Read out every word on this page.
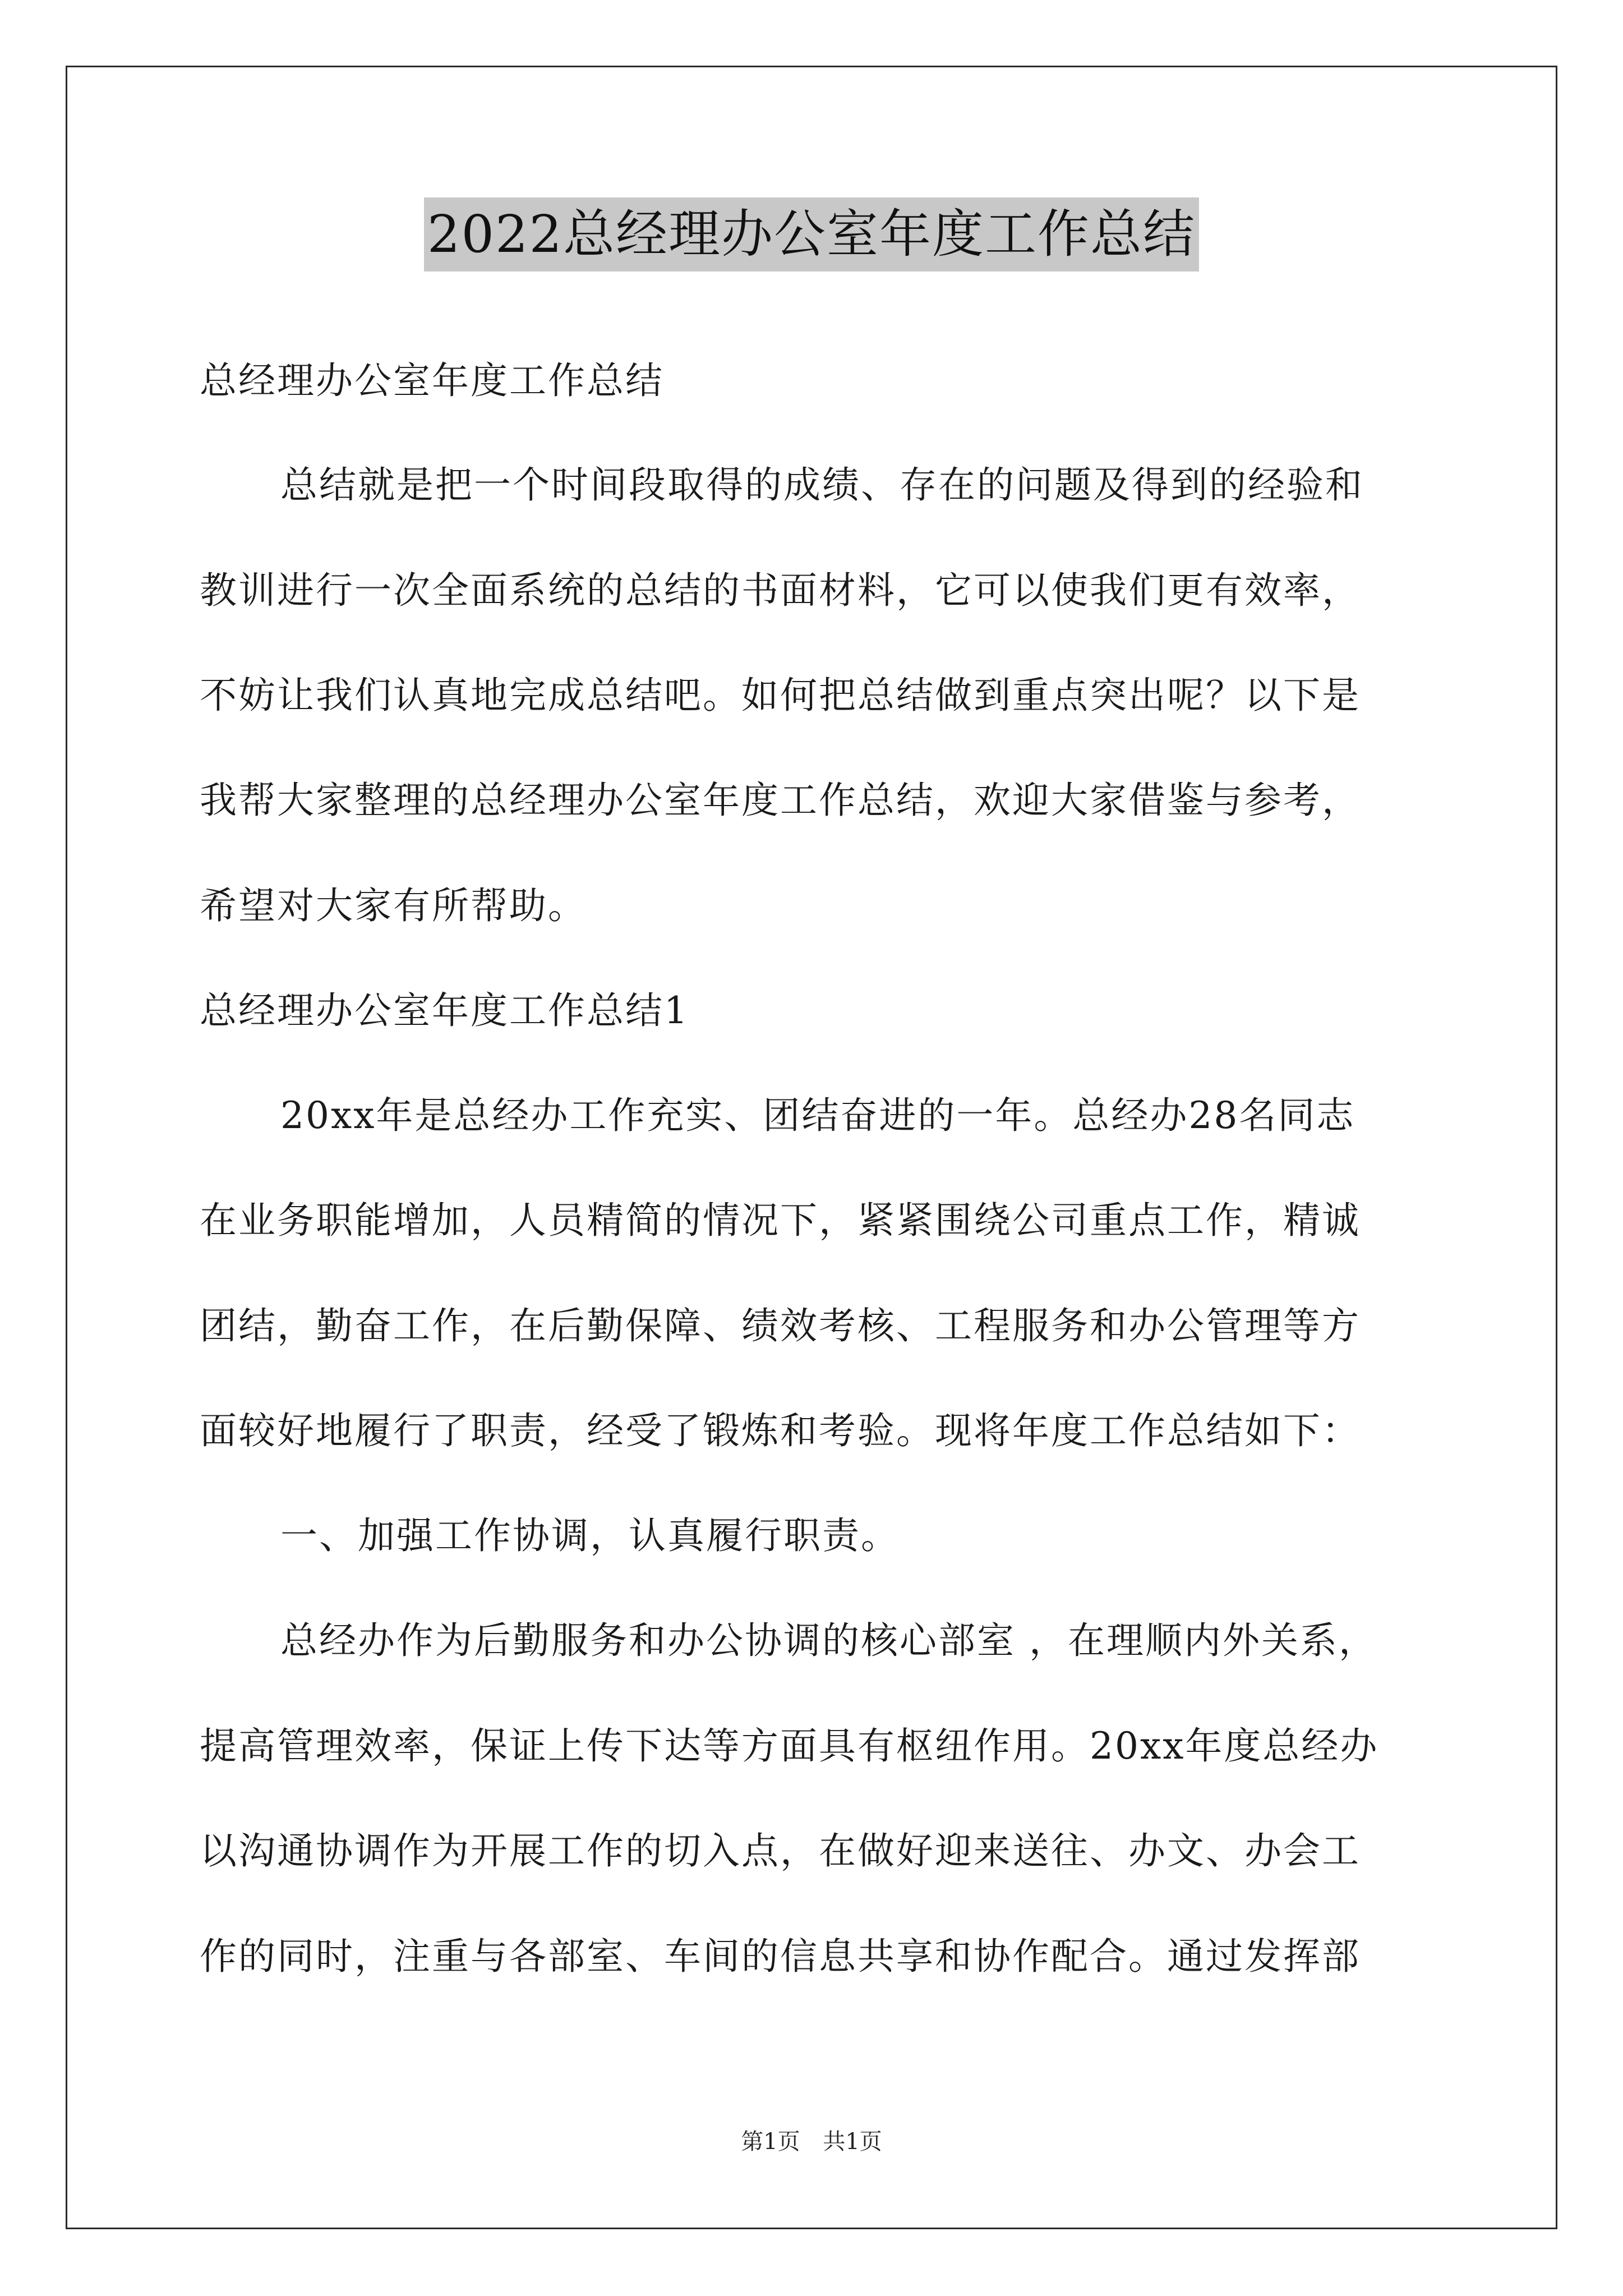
2022总经理办公室年度工作总结
总经理办公室年度工作总结
总结就是把一个时间段取得的成绩、存在的问题及得到的经验和
教训进行一次全面系统的总结的书面材料，它可以使我们更有效率，
不妨让我们认真地完成总结吧。如何把总结做到重点突出呢？以下是
我帮大家整理的总经理办公室年度工作总结，欢迎大家借鉴与参考，
希望对大家有所帮助。
总经理办公室年度工作总结1
20xx年是总经办工作充实、团结奋进的一年。总经办28名同志
在业务职能增加，人员精简的情况下，紧紧围绕公司重点工作，精诚
团结，勤奋工作，在后勤保障、绩效考核、工程服务和办公管理等方
面较好地履行了职责，经受了锻炼和考验。现将年度工作总结如下：
一、加强工作协调，认真履行职责。
总经办作为后勤服务和办公协调的核心部室 ，在理顺内外关系，
提高管理效率，保证上传下达等方面具有枢纽作用。20xx年度总经办
以沟通协调作为开展工作的切入点，在做好迎来送往、办文、办会工
作的同时，注重与各部室、车间的信息共享和协作配合。通过发挥部
第1页 共1页
